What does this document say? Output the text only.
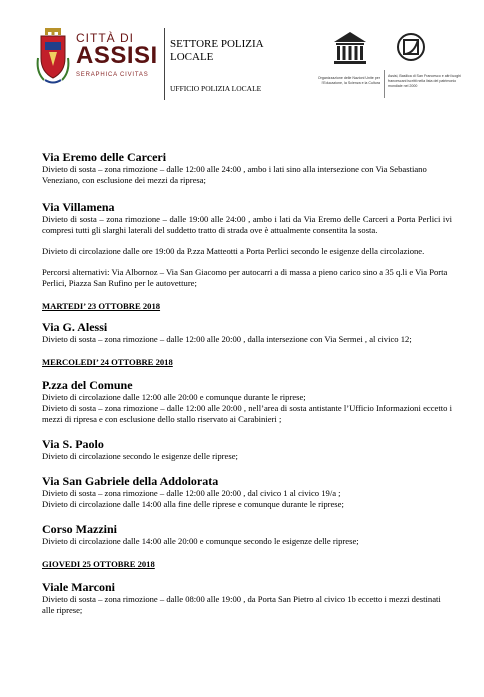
CITTÀ DI
ASSISI
SERAPHICA CIVITAS
SETTORE POLIZIA LOCALE
UFFICIO POLIZIA LOCALE
Organizzazione delle Nazioni Unite per l’Educazione, la Scienza e la Cultura
Assisi, Basilica di San Francesco e altri luoghi francescani iscritti nella lista del patrimonio mondiale nel 2000

Via Eremo delle Carceri

Divieto di sosta – zona rimozione – dalle 12:00 alle 24:00 , ambo i lati sino alla intersezione con Via Sebastiano Veneziano, con esclusione dei mezzi da ripresa;

Via Villamena

Divieto di sosta – zona rimozione – dalle 19:00 alle 24:00 , ambo i lati da Via Eremo delle Carceri a Porta Perlici ivi compresi tutti gli slarghi laterali del suddetto tratto di strada ove è attualmente consentita la sosta.

Divieto di circolazione dalle ore 19:00 da P.zza Matteotti a Porta Perlici secondo le esigenze della circolazione.

Percorsi alternativi: Via Albornoz – Via San Giacomo per autocarri a di massa a pieno carico sino a 35 q.li e Via Porta Perlici, Piazza San Rufino per le autovetture;

MARTEDI’ 23 OTTOBRE 2018

Via G. Alessi

Divieto di sosta – zona rimozione – dalle 12:00 alle 20:00 , dalla intersezione con Via Sermei , al civico 12;

MERCOLEDI’ 24 OTTOBRE 2018

P.zza del Comune

Divieto di circolazione dalle 12:00 alle 20:00 e comunque durante le riprese;

Divieto di sosta – zona rimozione – dalle 12:00 alle 20:00 , nell’area di sosta antistante l’Ufficio Informazioni eccetto i mezzi di ripresa e con esclusione dello stallo riservato ai Carabinieri ;

Via S. Paolo

Divieto di circolazione secondo le esigenze delle riprese;

Via San Gabriele della Addolorata

Divieto di sosta – zona rimozione – dalle 12:00 alle 20:00 , dal civico 1 al civico 19/a ;

Divieto di circolazione dalle 14:00 alla fine delle riprese e comunque durante le riprese;

Corso Mazzini

Divieto di circolazione dalle 14:00 alle 20:00 e comunque secondo le esigenze delle riprese;

GIOVEDI 25 OTTOBRE 2018

Viale Marconi

Divieto di sosta – zona rimozione – dalle 08:00 alle 19:00 , da Porta San Pietro al civico 1b eccetto i mezzi destinati alle riprese;
